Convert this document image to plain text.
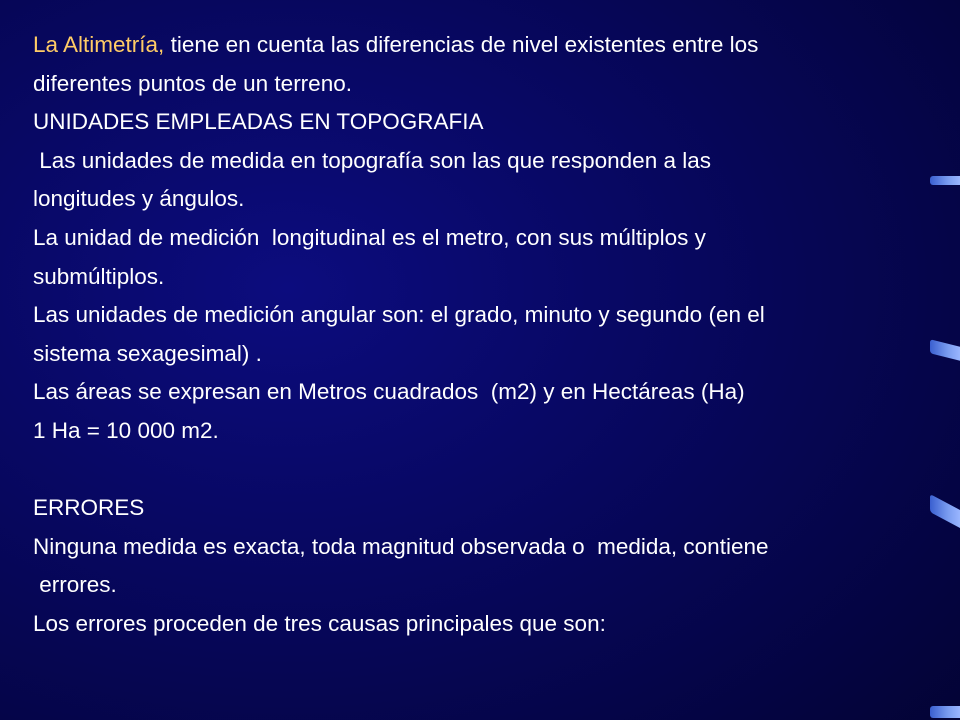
La Altimetría, tiene en cuenta las diferencias de nivel existentes entre los
diferentes puntos de un terreno.
UNIDADES EMPLEADAS EN TOPOGRAFIA
Las unidades de medida en topografía son las que responden a las
longitudes y ángulos.
La unidad de medición  longitudinal es el metro, con sus múltiplos y
submúltiplos.
Las unidades de medición angular son: el grado, minuto y segundo (en el
sistema sexagesimal) .
Las áreas se expresan en Metros cuadrados  (m2) y en Hectáreas (Ha)
1 Ha = 10 000 m2.
ERRORES
Ninguna medida es exacta, toda magnitud observada o  medida, contiene
errores.
Los errores proceden de tres causas principales que son:
